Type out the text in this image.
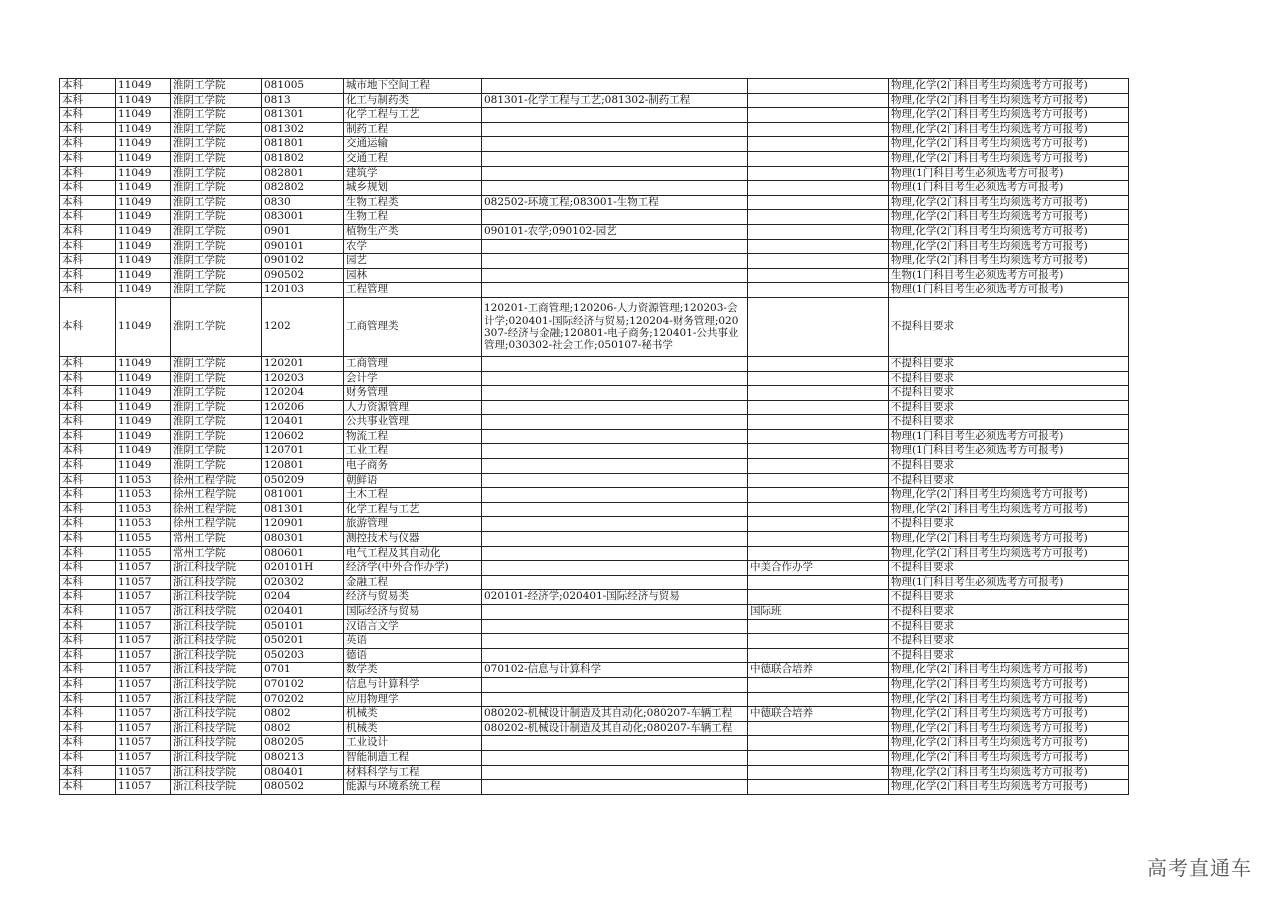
本科	11049	淮阴工学院	081005	城市地下空间工程			物理,化学(2门科目考生均须选考方可报考)
本科	11049	淮阴工学院	0813	化工与制药类	081301-化学工程与工艺;081302-制药工程		物理,化学(2门科目考生均须选考方可报考)
本科	11049	淮阴工学院	081301	化学工程与工艺			物理,化学(2门科目考生均须选考方可报考)
本科	11049	淮阴工学院	081302	制药工程			物理,化学(2门科目考生均须选考方可报考)
本科	11049	淮阴工学院	081801	交通运输			物理,化学(2门科目考生均须选考方可报考)
本科	11049	淮阴工学院	081802	交通工程			物理,化学(2门科目考生均须选考方可报考)
本科	11049	淮阴工学院	082801	建筑学			物理(1门科目考生必须选考方可报考)
本科	11049	淮阴工学院	082802	城乡规划			物理(1门科目考生必须选考方可报考)
本科	11049	淮阴工学院	0830	生物工程类	082502-环境工程;083001-生物工程		物理,化学(2门科目考生均须选考方可报考)
本科	11049	淮阴工学院	083001	生物工程			物理,化学(2门科目考生均须选考方可报考)
本科	11049	淮阴工学院	0901	植物生产类	090101-农学;090102-园艺		物理,化学(2门科目考生均须选考方可报考)
本科	11049	淮阴工学院	090101	农学			物理,化学(2门科目考生均须选考方可报考)
本科	11049	淮阴工学院	090102	园艺			物理,化学(2门科目考生均须选考方可报考)
本科	11049	淮阴工学院	090502	园林			生物(1门科目考生必须选考方可报考)
本科	11049	淮阴工学院	120103	工程管理			物理(1门科目考生必须选考方可报考)
本科	11049	淮阴工学院	1202	工商管理类	120201-工商管理;120206-人力资源管理;120203-会计学;020401-国际经济与贸易;120204-财务管理;020307-经济与金融;120801-电子商务;120401-公共事业管理;030302-社会工作;050107-秘书学		不提科目要求
本科	11049	淮阴工学院	120201	工商管理			不提科目要求
本科	11049	淮阴工学院	120203	会计学			不提科目要求
本科	11049	淮阴工学院	120204	财务管理			不提科目要求
本科	11049	淮阴工学院	120206	人力资源管理			不提科目要求
本科	11049	淮阴工学院	120401	公共事业管理			不提科目要求
本科	11049	淮阴工学院	120602	物流工程			物理(1门科目考生必须选考方可报考)
本科	11049	淮阴工学院	120701	工业工程			物理(1门科目考生必须选考方可报考)
本科	11049	淮阴工学院	120801	电子商务			不提科目要求
本科	11053	徐州工程学院	050209	朝鲜语			不提科目要求
本科	11053	徐州工程学院	081001	土木工程			物理,化学(2门科目考生均须选考方可报考)
本科	11053	徐州工程学院	081301	化学工程与工艺			物理,化学(2门科目考生均须选考方可报考)
本科	11053	徐州工程学院	120901	旅游管理			不提科目要求
本科	11055	常州工学院	080301	测控技术与仪器			物理,化学(2门科目考生均须选考方可报考)
本科	11055	常州工学院	080601	电气工程及其自动化			物理,化学(2门科目考生均须选考方可报考)
本科	11057	浙江科技学院	020101H	经济学(中外合作办学)		中美合作办学	不提科目要求
本科	11057	浙江科技学院	020302	金融工程			物理(1门科目考生必须选考方可报考)
本科	11057	浙江科技学院	0204	经济与贸易类	020101-经济学;020401-国际经济与贸易		不提科目要求
本科	11057	浙江科技学院	020401	国际经济与贸易		国际班	不提科目要求
本科	11057	浙江科技学院	050101	汉语言文学			不提科目要求
本科	11057	浙江科技学院	050201	英语			不提科目要求
本科	11057	浙江科技学院	050203	德语			不提科目要求
本科	11057	浙江科技学院	0701	数学类	070102-信息与计算科学	中德联合培养	物理,化学(2门科目考生均须选考方可报考)
本科	11057	浙江科技学院	070102	信息与计算科学			物理,化学(2门科目考生均须选考方可报考)
本科	11057	浙江科技学院	070202	应用物理学			物理,化学(2门科目考生均须选考方可报考)
本科	11057	浙江科技学院	0802	机械类	080202-机械设计制造及其自动化;080207-车辆工程	中德联合培养	物理,化学(2门科目考生均须选考方可报考)
本科	11057	浙江科技学院	0802	机械类	080202-机械设计制造及其自动化;080207-车辆工程		物理,化学(2门科目考生均须选考方可报考)
本科	11057	浙江科技学院	080205	工业设计			物理,化学(2门科目考生均须选考方可报考)
本科	11057	浙江科技学院	080213	智能制造工程			物理,化学(2门科目考生均须选考方可报考)
本科	11057	浙江科技学院	080401	材料科学与工程			物理,化学(2门科目考生均须选考方可报考)
本科	11057	浙江科技学院	080502	能源与环境系统工程			物理,化学(2门科目考生均须选考方可报考)
高考直通车
